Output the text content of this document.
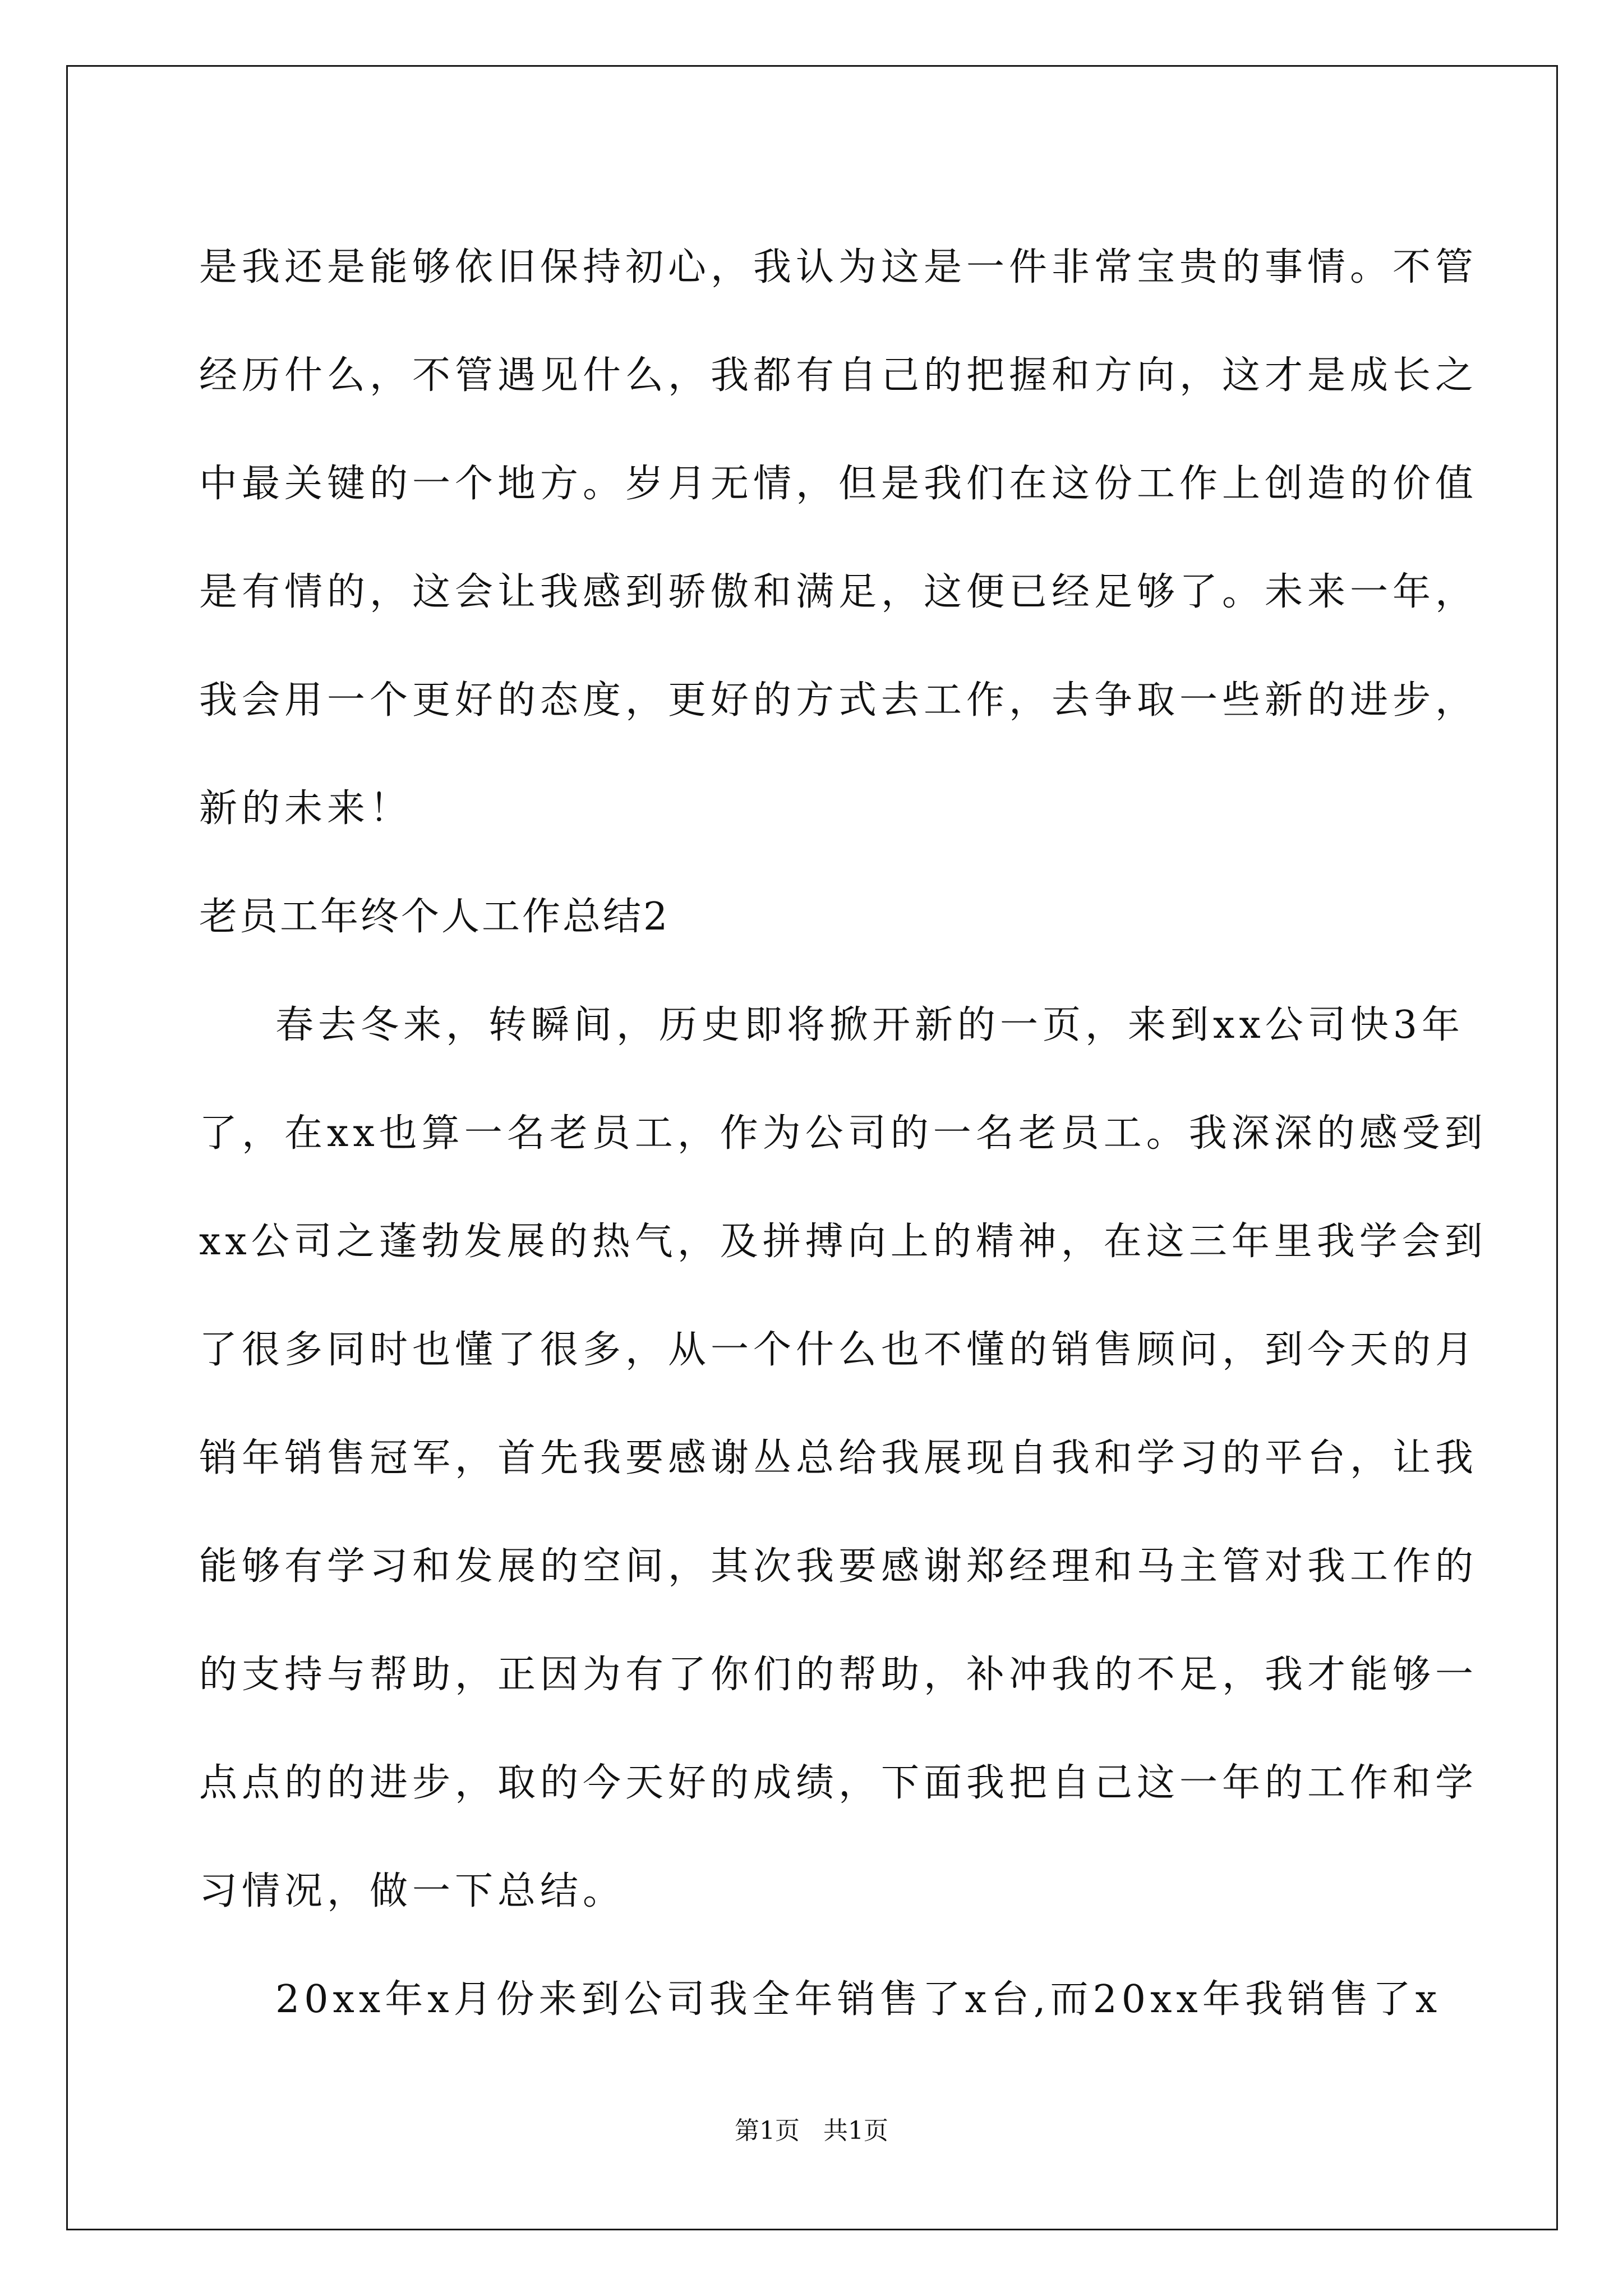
是我还是能够依旧保持初心，我认为这是一件非常宝贵的事情。不管
经历什么，不管遇见什么，我都有自己的把握和方向，这才是成长之
中最关键的一个地方。岁月无情，但是我们在这份工作上创造的价值
是有情的，这会让我感到骄傲和满足，这便已经足够了。未来一年，
我会用一个更好的态度，更好的方式去工作，去争取一些新的进步，
新的未来！
老员工年终个人工作总结2
春去冬来，转瞬间，历史即将掀开新的一页，来到xx公司快3年
了，在xx也算一名老员工，作为公司的一名老员工。我深深的感受到
xx公司之蓬勃发展的热气，及拼搏向上的精神，在这三年里我学会到
了很多同时也懂了很多，从一个什么也不懂的销售顾问，到今天的月
销年销售冠军，首先我要感谢丛总给我展现自我和学习的平台，让我
能够有学习和发展的空间，其次我要感谢郑经理和马主管对我工作的
的支持与帮助，正因为有了你们的帮助，补冲我的不足，我才能够一
点点的的进步，取的今天好的成绩，下面我把自己这一年的工作和学
习情况，做一下总结。
20xx年x月份来到公司我全年销售了x台,而20xx年我销售了x
第1页   共1页
